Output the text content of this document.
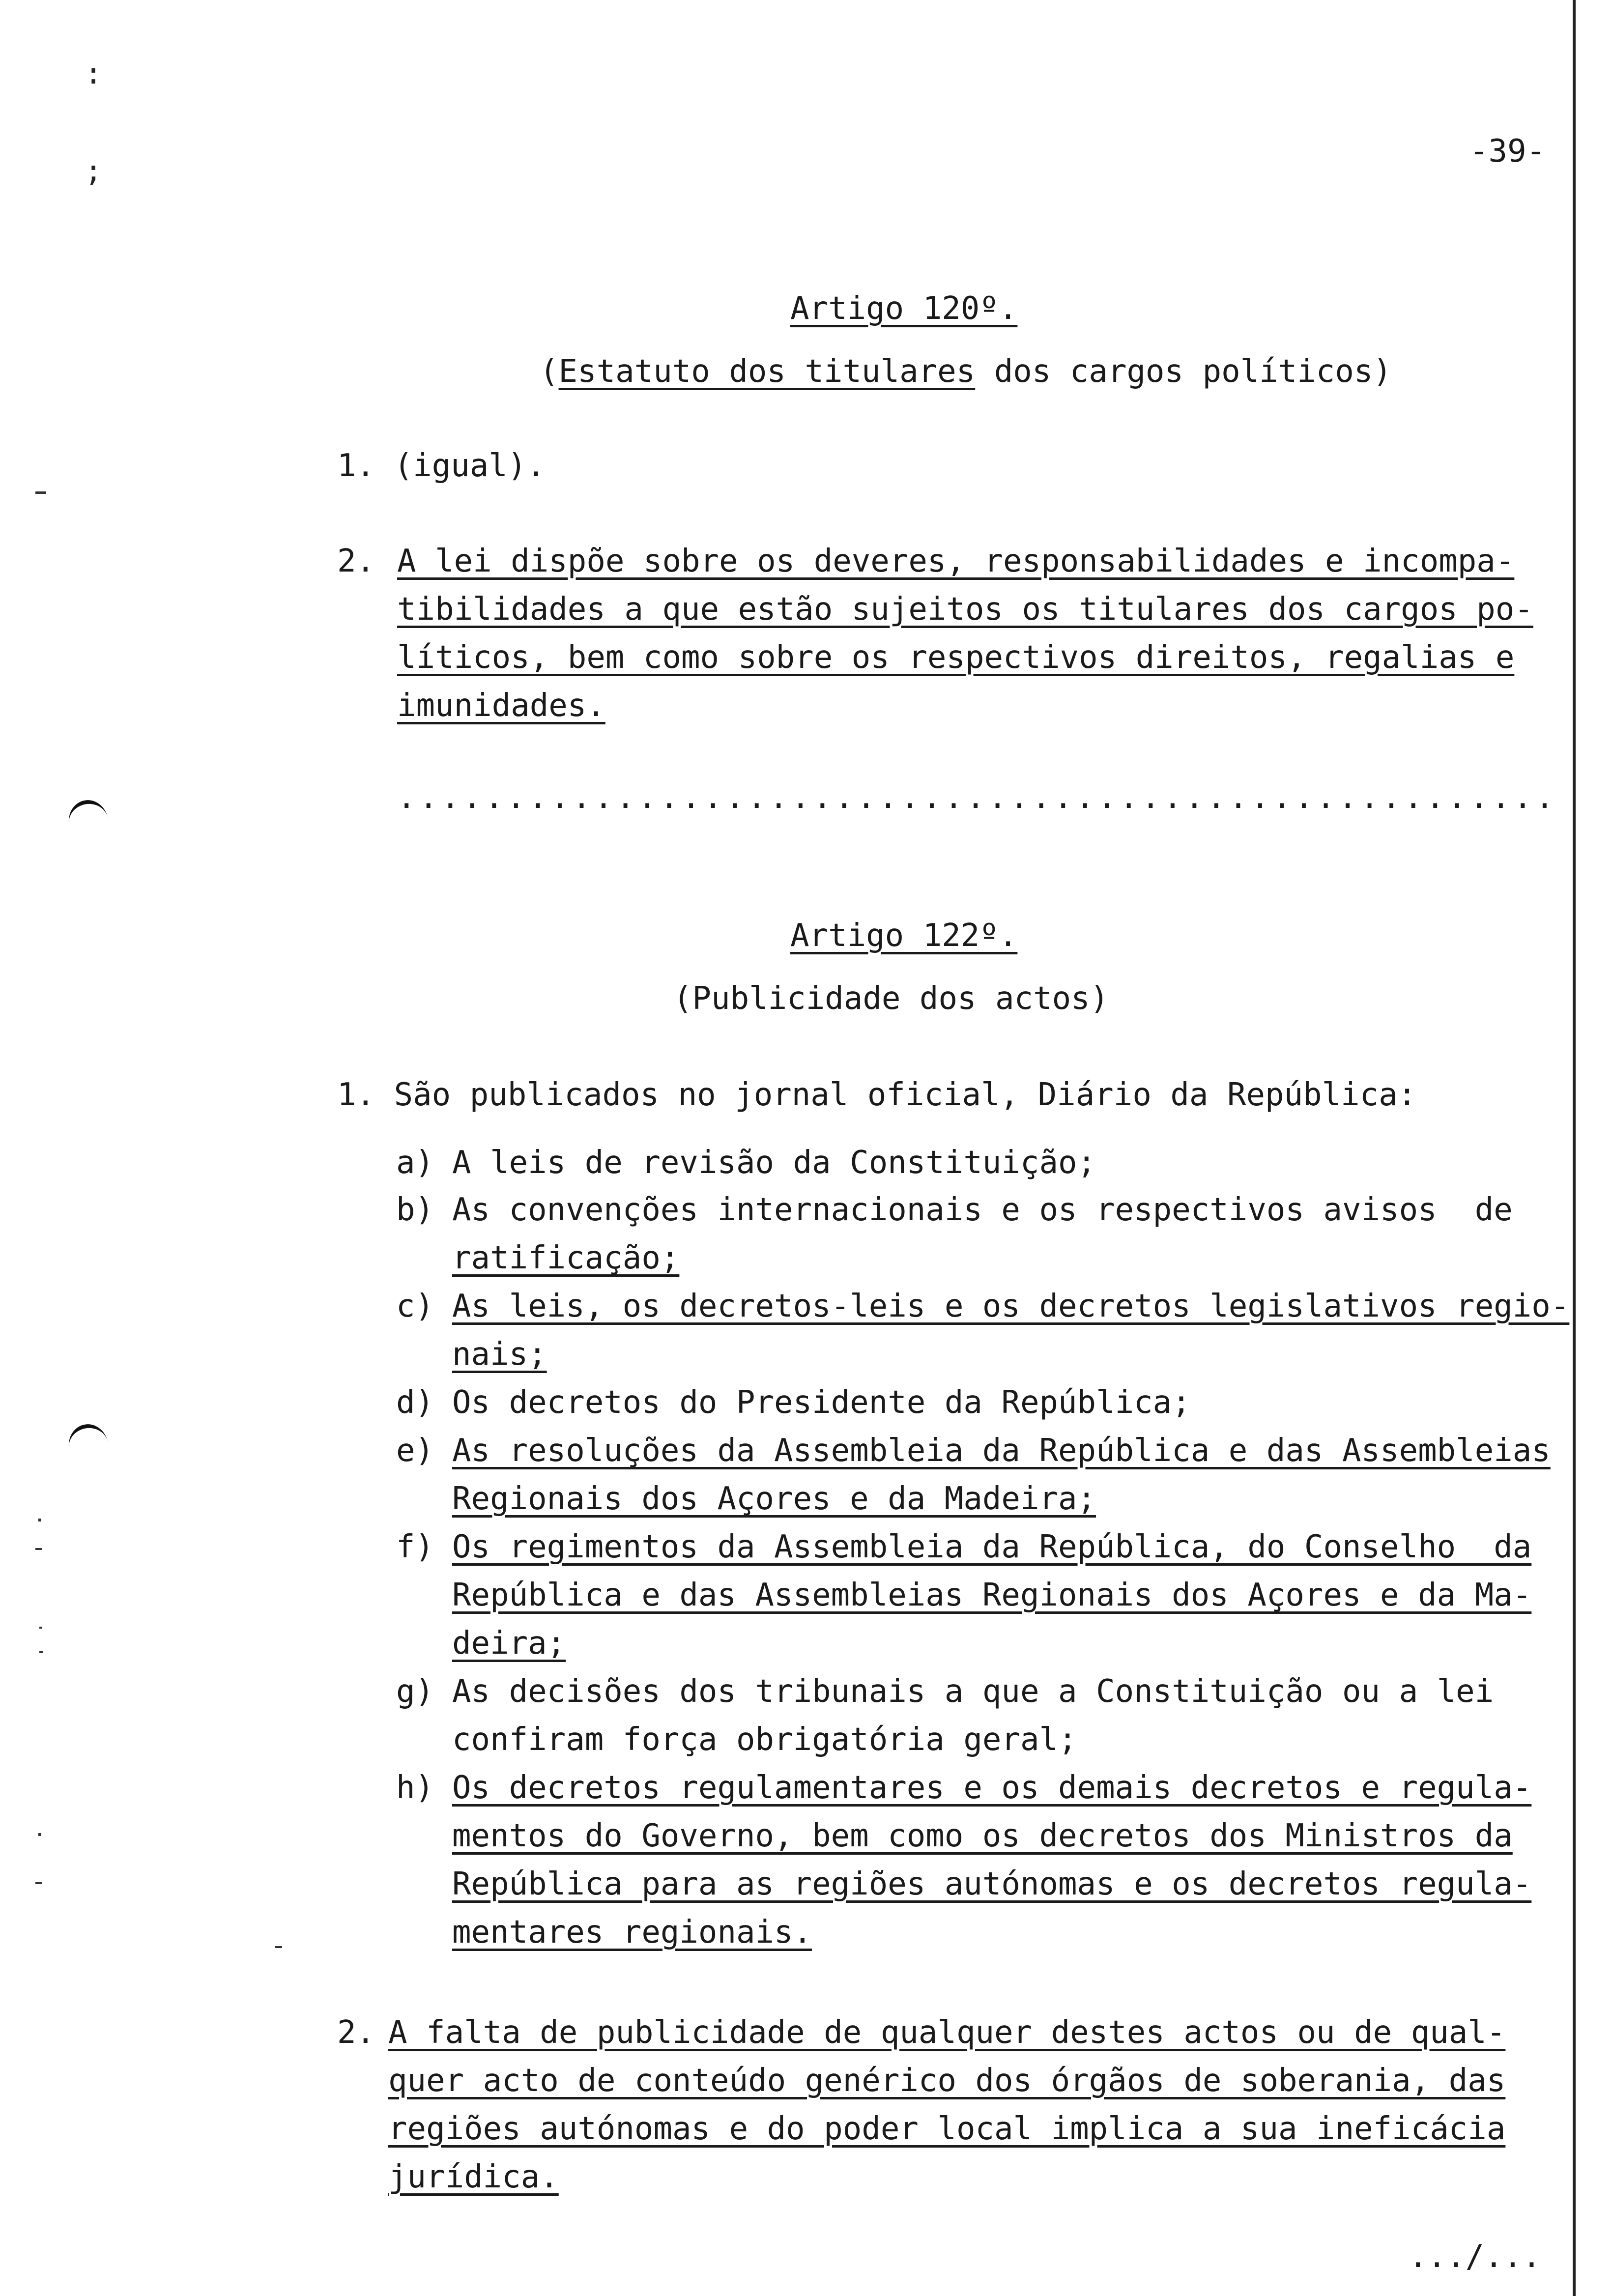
:
;
-39-
Artigo 120º.
(Estatuto dos titulares dos cargos políticos)
1. (igual).
2. A lei dispõe sobre os deveres, responsabilidades e incompa-
tibilidades a que estão sujeitos os titulares dos cargos po-
líticos, bem como sobre os respectivos direitos, regalias e
imunidades.
.....................................................
Artigo 122º.
(Publicidade dos actos)
1. São publicados no jornal oficial, Diário da República:
a) A leis de revisão da Constituição;
b) As convenções internacionais e os respectivos avisos  de
ratificação;
c) As leis, os decretos-leis e os decretos legislativos regio-
nais;
d) Os decretos do Presidente da República;
e) As resoluções da Assembleia da República e das Assembleias
Regionais dos Açores e da Madeira;
f) Os regimentos da Assembleia da República, do Conselho  da
República e das Assembleias Regionais dos Açores e da Ma-
deira;
g) As decisões dos tribunais a que a Constituição ou a lei
confiram força obrigatória geral;
h) Os decretos regulamentares e os demais decretos e regula-
mentos do Governo, bem como os decretos dos Ministros da
República para as regiões autónomas e os decretos regula-
mentares regionais.
2. A falta de publicidade de qualquer destes actos ou de qual-
quer acto de conteúdo genérico dos órgãos de soberania, das
regiões autónomas e do poder local implica a sua ineficácia
jurídica.
.../...
